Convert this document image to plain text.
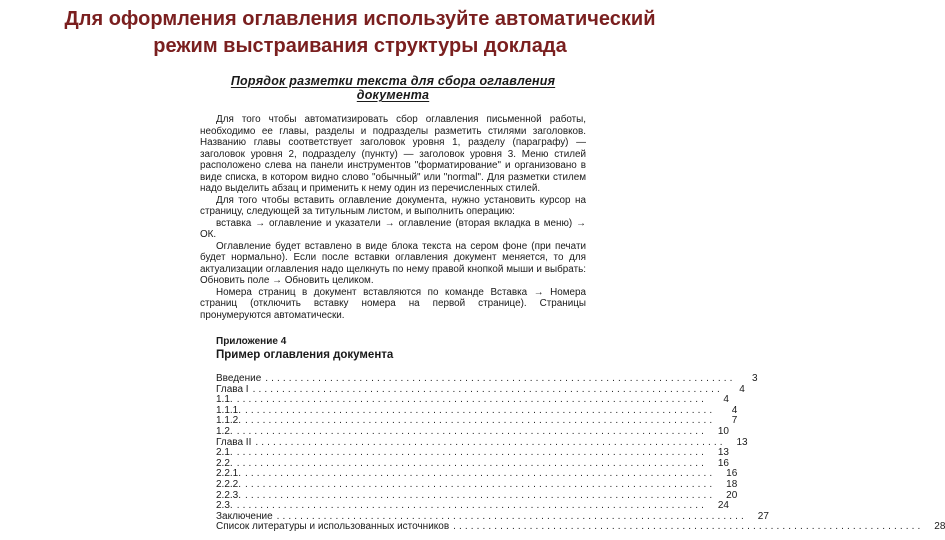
Для оформления оглавления используйте автоматический
режим выстраивания структуры доклада
Порядок разметки текста для сбора оглавления документа

Для того чтобы автоматизировать сбор оглавления письменной работы, необходимо ее главы, разделы и подразделы разметить стилями заголовков. Названию главы соответствует заголовок уровня 1, разделу (параграфу) — заголовок уровня 2, подразделу (пункту) — заголовок уровня 3. Меню стилей расположено слева на панели инструментов "форматирование" и организовано в виде списка, в котором видно слово "обычный" или "normal". Для разметки стилем надо выделить абзац и применить к нему один из перечисленных стилей.

Для того чтобы вставить оглавление документа, нужно установить курсор на страницу, следующей за титульным листом, и выполнить операцию:

вставка → оглавление и указатели → оглавление (вторая вкладка в меню) → ОК.

Оглавление будет вставлено в виде блока текста на сером фоне (при печати будет нормально). Если после вставки оглавления документ меняется, то для актуализации оглавления надо щелкнуть по нему правой кнопкой мыши и выбрать: Обновить поле → Обновить целиком.

Номера страниц в документ вставляются по команде Вставка → Номера страниц (отключить вставку номера на первой странице). Страницы пронумеруются автоматически.

Приложение 4
Пример оглавления документа
Введение ................................................................................	3
Глава I ................................................................................	4
1.1. ................................................................................	4
1.1.1. ................................................................................	4
1.1.2. ................................................................................	7
1.2. ................................................................................	10
Глава II ................................................................................	13
2.1. ................................................................................	13
2.2. ................................................................................	16
2.2.1. ................................................................................	16
2.2.2. ................................................................................	18
2.2.3. ................................................................................	20
2.3. ................................................................................	24
Заключение ................................................................................	27
Список литературы и использованных источников ................................................................................	28
